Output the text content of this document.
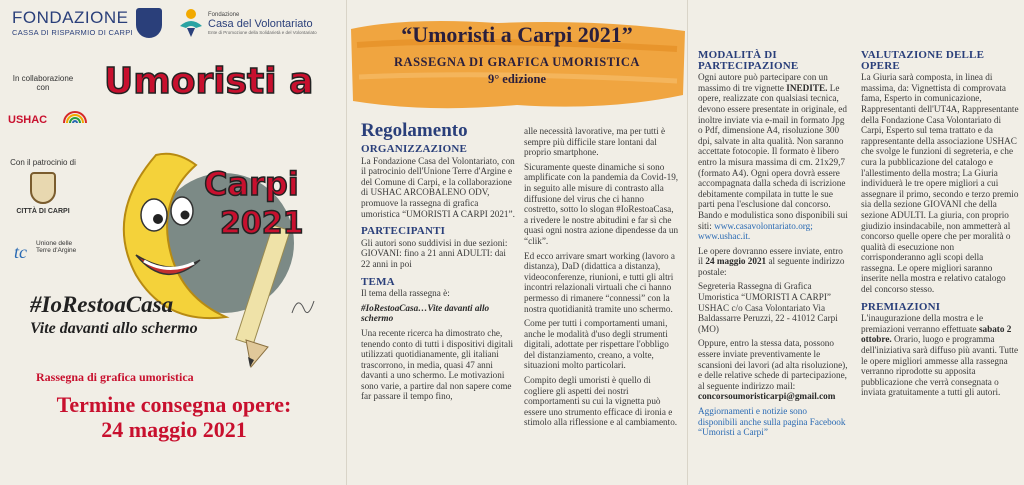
FONDAZIONE
CASSA DI RISPARMIO DI CARPI
Fondazione
Casa del Volontariato
Ente di Promozione della Solidarietà e del Volontariato
In collaborazione con
USHAC
Con il patrocinio di
CITTÀ DI CARPI
tc Unione delle Terre d'Argine
Umoristi a
Carpi
2021
#IoRestoaCasa
Vite davanti allo schermo
Rassegna di grafica umoristica
Termine consegna opere:
24 maggio 2021
“Umoristi a Carpi 2021”
RASSEGNA DI GRAFICA UMORISTICA
9° edizione
Regolamento
ORGANIZZAZIONE

La Fondazione Casa del Volontariato, con il patrocinio dell'Unione Terre d'Argine e del Comune di Carpi, e la collaborazione di USHAC ARCOBALENO ODV, promuove la rassegna di grafica umoristica “UMORISTI A CARPI 2021”.

PARTECIPANTI

Gli autori sono suddivisi in due sezioni: GIOVANI: fino a 21 anni ADULTI: dai 22 anni in poi

TEMA

Il tema della rassegna è:

#IoRestoaCasa…Vite davanti allo schermo

Una recente ricerca ha dimostrato che, tenendo conto di tutti i dispositivi digitali utilizzati quotidianamente, gli italiani trascorrono, in media, quasi 47 anni davanti a uno schermo. Le motivazioni sono varie, a partire dal non sapere come far passare il tempo fino,

alle necessità lavorative, ma per tutti è sempre più difficile stare lontani dal proprio smartphone.

Sicuramente queste dinamiche si sono amplificate con la pandemia da Covid-19, in seguito alle misure di contrasto alla diffusione del virus che ci hanno costretto, sotto lo slogan #IoRestoaCasa, a rivedere le nostre abitudini e far sì che quasi ogni nostra azione dipendesse da un “clik”.

Ed ecco arrivare smart working (lavoro a distanza), DaD (didattica a distanza), videoconferenze, riunioni, e tutti gli altri incontri relazionali virtuali che ci hanno permesso di rimanere “connessi” con la nostra quotidianità tramite uno schermo.

Come per tutti i comportamenti umani, anche le modalità d'uso degli strumenti digitali, adottate per rispettare l'obbligo del distanziamento, creano, a volte, situazioni molto particolari.

Compito degli umoristi è quello di cogliere gli aspetti dei nostri comportamenti su cui la vignetta può essere uno strumento efficace di ironia e stimolo alla riflessione e al cambiamento.

MODALITÀ DI PARTECIPAZIONE

Ogni autore può partecipare con un massimo di tre vignette INEDITE. Le opere, realizzate con qualsiasi tecnica, devono essere presentate in originale, ed inoltre inviate via e-mail in formato Jpg o Pdf, dimensione A4, risoluzione 300 dpi, salvate in alta qualità. Non saranno accettate fotocopie. Il formato è libero entro la misura massima di cm. 21x29,7 (formato A4). Ogni opera dovrà essere accompagnata dalla scheda di iscrizione debitamente compilata in tutte le sue parti pena l'esclusione dal concorso. Bando e modulistica sono disponibili sui siti: www.casavolontariato.org; www.ushac.it.

Le opere dovranno essere inviate, entro il 24 maggio 2021 al seguente indirizzo postale:

Segreteria Rassegna di Grafica Umoristica “UMORISTI A CARPI” USHAC c/o Casa Volontariato Via Baldassarre Peruzzi, 22 - 41012 Carpi (MO)

Oppure, entro la stessa data, possono essere inviate preventivamente le scansioni dei lavori (ad alta risoluzione), e delle relative schede di partecipazione, al seguente indirizzo mail: concorsoumoristicarpi@gmail.com

Aggiornamenti e notizie sono disponibili anche sulla pagina Facebook “Umoristi a Carpi”

VALUTAZIONE DELLE OPERE

La Giuria sarà composta, in linea di massima, da: Vignettista di comprovata fama, Esperto in comunicazione, Rappresentanti dell'UT4A, Rappresentante della Fondazione Casa Volontariato di Carpi, Esperto sul tema trattato e da rappresentante della associazione USHAC che svolge le funzioni di segreteria, e che cura la pubblicazione del catalogo e l'allestimento della mostra; La Giuria individuerà le tre opere migliori a cui assegnare il primo, secondo e terzo premio sia della sezione GIOVANI che della sezione ADULTI. La giuria, con proprio giudizio insindacabile, non ammetterà al concorso quelle opere che per moralità o qualità di esecuzione non corrisponderanno agli scopi della rassegna. Le opere migliori saranno inserite nella mostra e relativo catalogo del concorso stesso.

PREMIAZIONI

L'inaugurazione della mostra e le premiazioni verranno effettuate sabato 2 ottobre. Orario, luogo e programma dell'iniziativa sarà diffuso più avanti. Tutte le opere migliori ammesse alla rassegna verranno riprodotte su apposita pubblicazione che verrà consegnata o inviata gratuitamente a tutti gli autori.
